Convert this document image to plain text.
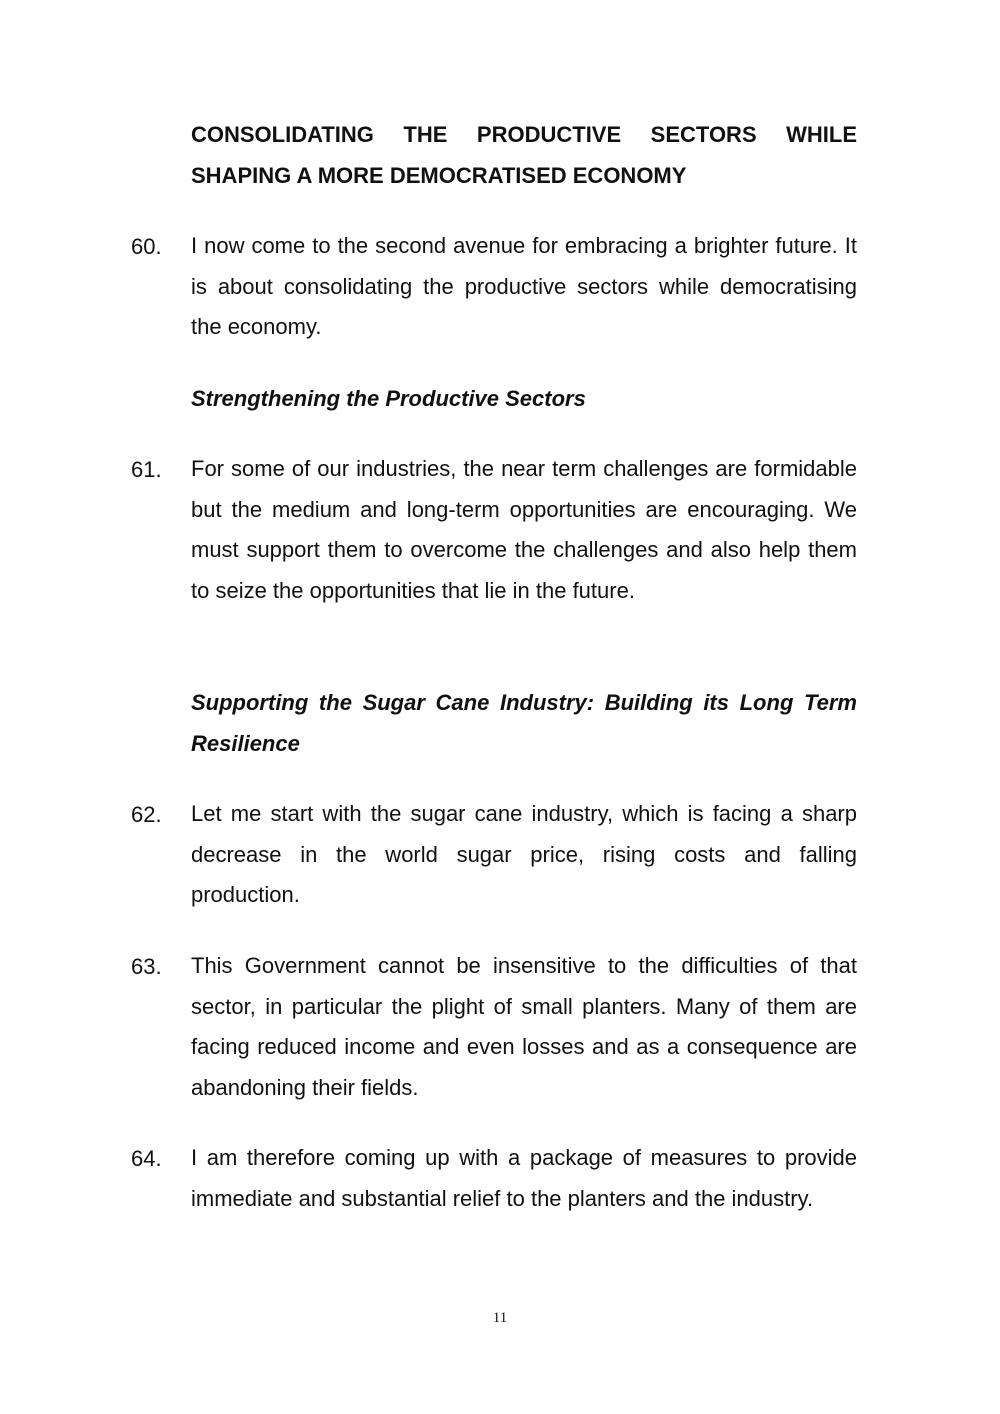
CONSOLIDATING THE PRODUCTIVE SECTORS WHILE SHAPING A MORE DEMOCRATISED ECONOMY
60. I now come to the second avenue for embracing a brighter future. It is about consolidating the productive sectors while democratising the economy.
Strengthening the Productive Sectors
61. For some of our industries, the near term challenges are formidable but the medium and long-term opportunities are encouraging. We must support them to overcome the challenges and also help them to seize the opportunities that lie in the future.
Supporting the Sugar Cane Industry: Building its Long Term Resilience
62. Let me start with the sugar cane industry, which is facing a sharp decrease in the world sugar price, rising costs and falling production.
63. This Government cannot be insensitive to the difficulties of that sector, in particular the plight of small planters. Many of them are facing reduced income and even losses and as a consequence are abandoning their fields.
64. I am therefore coming up with a package of measures to provide immediate and substantial relief to the planters and the industry.
11
